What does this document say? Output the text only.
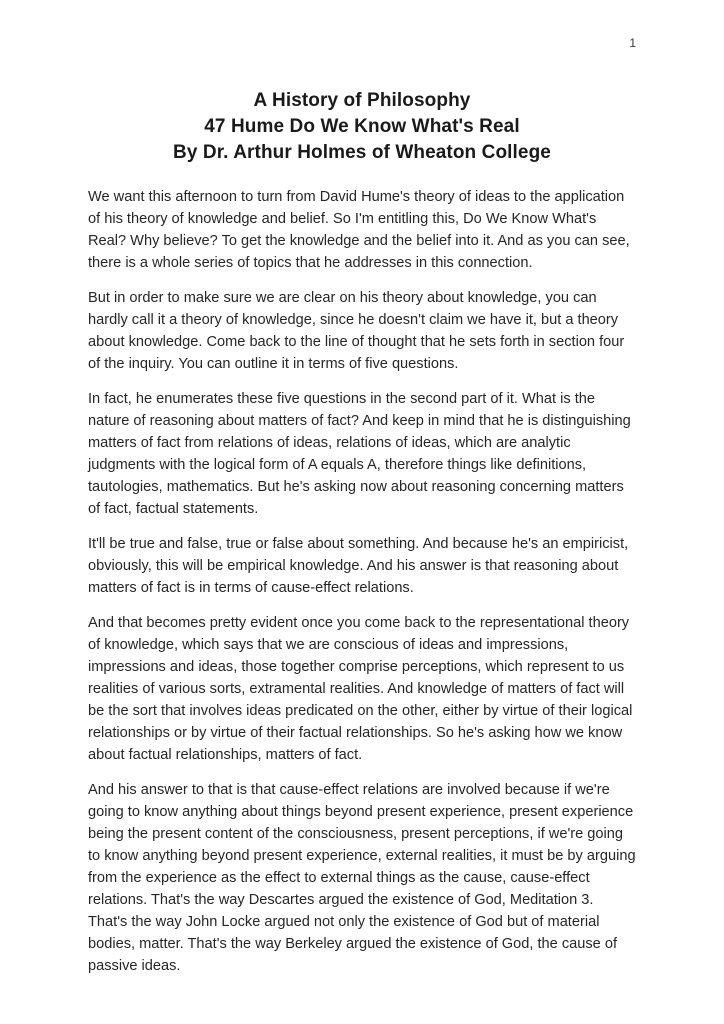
1
A History of Philosophy
47 Hume Do We Know What's Real
By Dr. Arthur Holmes of Wheaton College

We want this afternoon to turn from David Hume's theory of ideas to the application of his theory of knowledge and belief. So I'm entitling this, Do We Know What's Real? Why believe? To get the knowledge and the belief into it. And as you can see, there is a whole series of topics that he addresses in this connection.

But in order to make sure we are clear on his theory about knowledge, you can hardly call it a theory of knowledge, since he doesn't claim we have it, but a theory about knowledge. Come back to the line of thought that he sets forth in section four of the inquiry. You can outline it in terms of five questions.

In fact, he enumerates these five questions in the second part of it. What is the nature of reasoning about matters of fact? And keep in mind that he is distinguishing matters of fact from relations of ideas, relations of ideas, which are analytic judgments with the logical form of A equals A, therefore things like definitions, tautologies, mathematics. But he's asking now about reasoning concerning matters of fact, factual statements.

It'll be true and false, true or false about something. And because he's an empiricist, obviously, this will be empirical knowledge. And his answer is that reasoning about matters of fact is in terms of cause-effect relations.

And that becomes pretty evident once you come back to the representational theory of knowledge, which says that we are conscious of ideas and impressions, impressions and ideas, those together comprise perceptions, which represent to us realities of various sorts, extramental realities. And knowledge of matters of fact will be the sort that involves ideas predicated on the other, either by virtue of their logical relationships or by virtue of their factual relationships. So he's asking how we know about factual relationships, matters of fact.

And his answer to that is that cause-effect relations are involved because if we're going to know anything about things beyond present experience, present experience being the present content of the consciousness, present perceptions, if we're going to know anything beyond present experience, external realities, it must be by arguing from the experience as the effect to external things as the cause, cause-effect relations. That's the way Descartes argued the existence of God, Meditation 3. That's the way John Locke argued not only the existence of God but of material bodies, matter. That's the way Berkeley argued the existence of God, the cause of passive ideas.
